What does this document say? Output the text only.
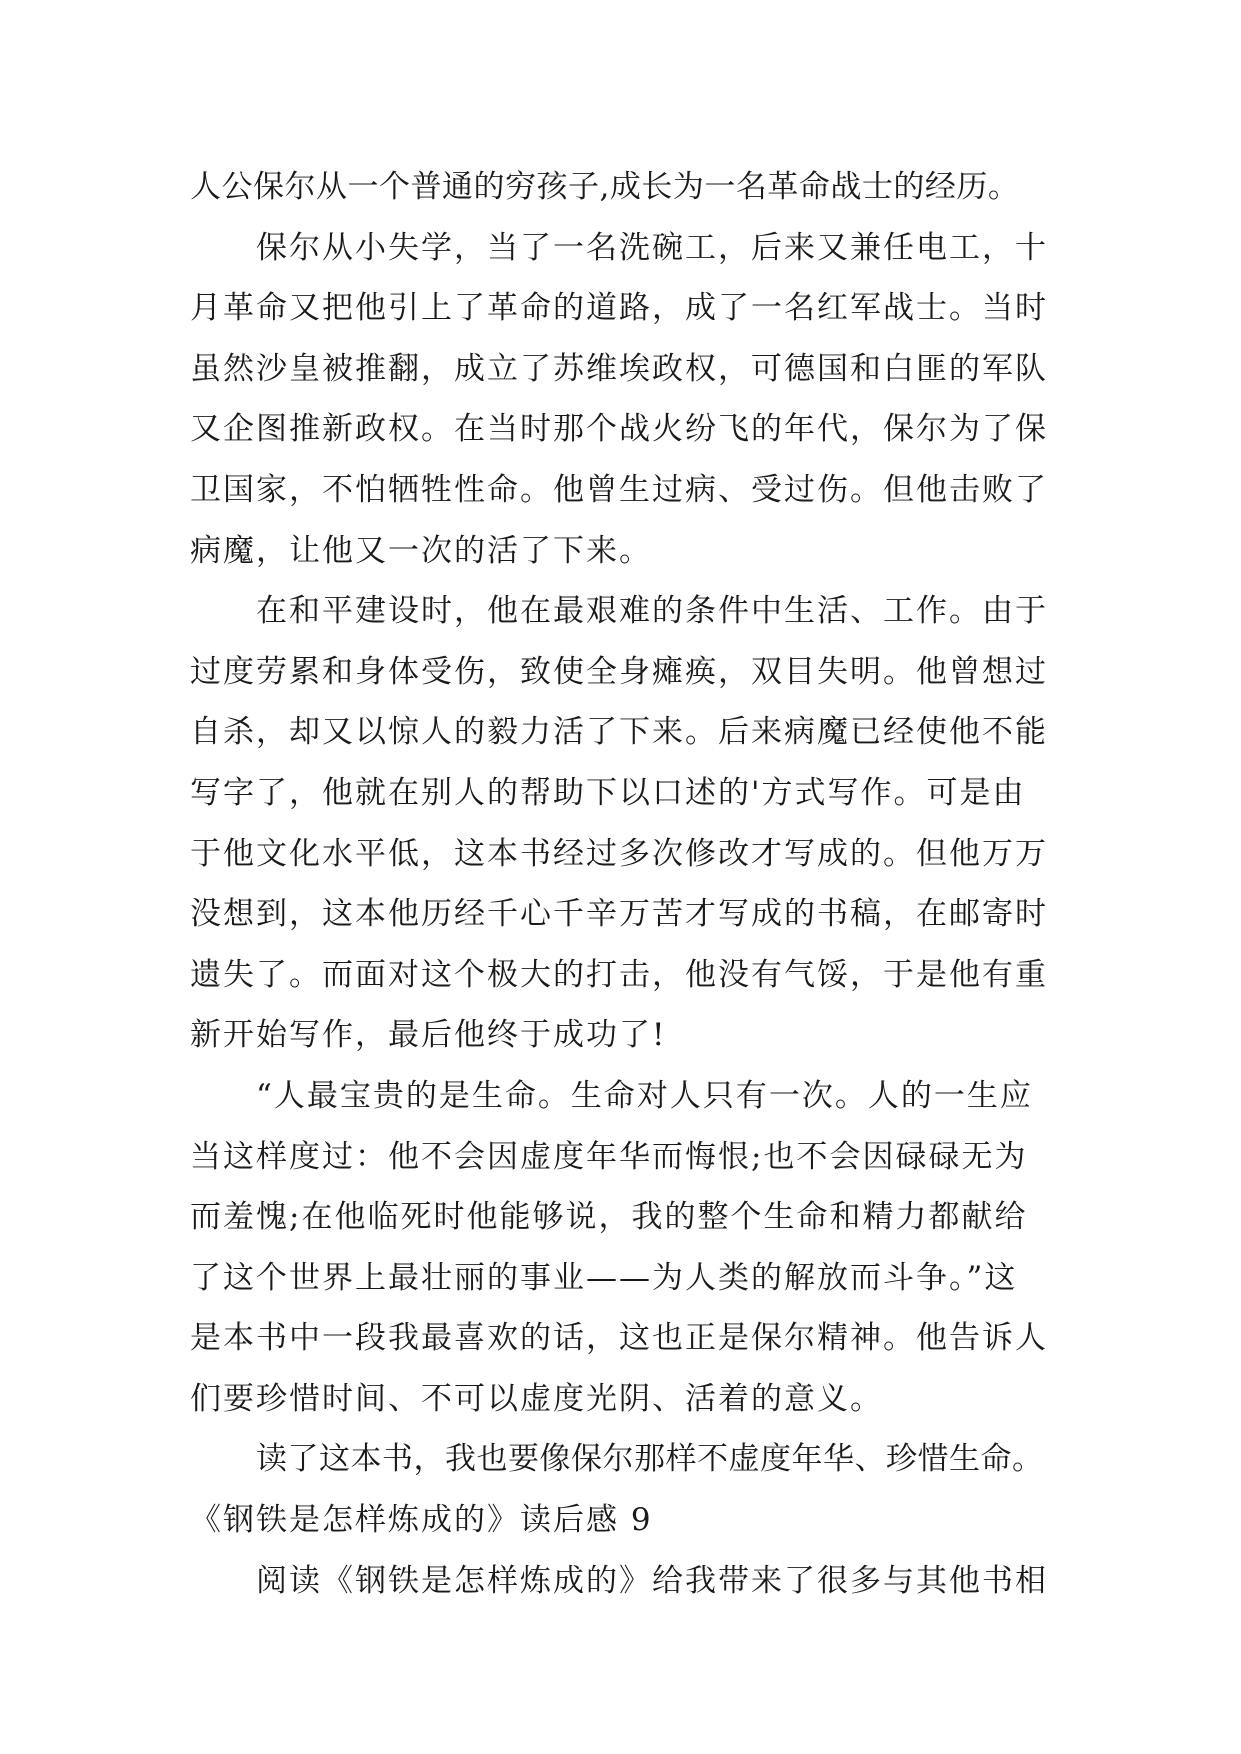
人公保尔从一个普通的穷孩子,成长为一名革命战士的经历。
保尔从小失学，当了一名洗碗工，后来又兼任电工，十
月革命又把他引上了革命的道路，成了一名红军战士。当时
虽然沙皇被推翻，成立了苏维埃政权，可德国和白匪的军队
又企图推新政权。在当时那个战火纷飞的年代，保尔为了保
卫国家，不怕牺牲性命。他曾生过病、受过伤。但他击败了
病魔，让他又一次的活了下来。
在和平建设时，他在最艰难的条件中生活、工作。由于
过度劳累和身体受伤，致使全身瘫痪，双目失明。他曾想过
自杀，却又以惊人的毅力活了下来。后来病魔已经使他不能
写字了，他就在别人的帮助下以口述的'方式写作。可是由
于他文化水平低，这本书经过多次修改才写成的。但他万万
没想到，这本他历经千心千辛万苦才写成的书稿，在邮寄时
遗失了。而面对这个极大的打击，他没有气馁，于是他有重
新开始写作，最后他终于成功了!
“人最宝贵的是生命。生命对人只有一次。人的一生应
当这样度过：他不会因虚度年华而悔恨;也不会因碌碌无为
而羞愧;在他临死时他能够说，我的整个生命和精力都献给
了这个世界上最壮丽的事业——为人类的解放而斗争。”这
是本书中一段我最喜欢的话，这也正是保尔精神。他告诉人
们要珍惜时间、不可以虚度光阴、活着的意义。
读了这本书，我也要像保尔那样不虚度年华、珍惜生命。
《钢铁是怎样炼成的》读后感 9
阅读《钢铁是怎样炼成的》给我带来了很多与其他书相
